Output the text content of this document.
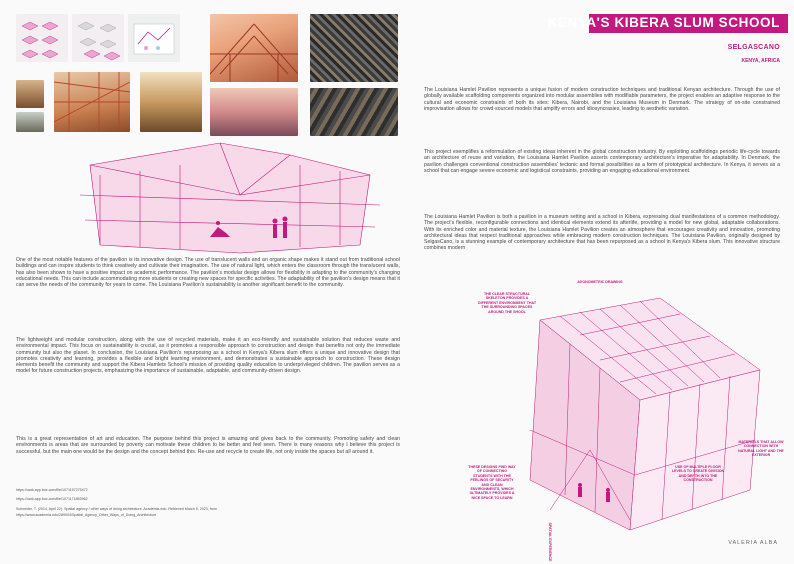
One of the most notable features of the pavilion is its innovative design. The use of translucent walls and an organic shape makes it stand out from traditional school buildings and can inspire students to think creatively and cultivate their imagination. The use of natural light, which enters the classroom through the translucent walls, has also been shown to have a positive impact on academic performance. The pavilion's modular design allows for flexibility in adapting to the community's changing educational needs. This can include accommodating more students or creating new spaces for specific activities. The adaptability of the pavilion's design means that it can serve the needs of the community for years to come. The Louisiana Pavilion's sustainability is another significant benefit to the community.
The lightweight and modular construction, along with the use of recycled materials, make it an eco-friendly and sustainable solution that reduces waste and environmental impact. This focus on sustainability is crucial, as it promotes a responsible approach to construction and design that benefits not only the immediate community but also the planet. In conclusion, the Louisiana Pavilion's repurposing as a school in Kenya's Kibera slum offers a unique and innovative design that promotes creativity and learning, provides a flexible and bright learning environment, and demonstrates a sustainable approach to construction. These design elements benefit the community and support the Kibera Hamlets School's mission of providing quality education to underprivileged children. The pavilion serves as a model for future construction projects, emphasizing the importance of sustainable, adaptable, and community-driven design.
This is a great representation of art and education. The purpose behind this project is amazing and gives back to the community. Promoting safety and clean environments is areas that are surrounded by poverty can motivate these children to be better and feel seen. There is many reasons why I believe this project is successful, but the main one would be the design and the concept behind this. Re-use and recycle to create life, not only inside the spaces but all around it.
https://uark.app.box.com/file/1071157275472
https://uark.app.box.com/file/1071171853962
Schneider, T. (2014, April 22). Spatial agency / other ways of doing architecture. Academia.edu. Retrieved March 5, 2023, from
https://www.academia.edu/289004/Spatial_Agency_Other_Ways_of_Doing_Architecture
KENYA'S KIBERA SLUM SCHOOL
SELGASCANO
KENYA, AFRICA
The Louisiana Hamlet Pavilion represents a unique fusion of modern construction techniques and traditional Kenyan architecture. Through the use of globally available scaffolding components organized into modular assemblies with modifiable parameters, the project enables an adaptive response to the cultural and economic constraints of both its sites: Kibera, Nairobi, and the Louisiana Museum in Denmark. The strategy of on-site constrained improvisation allows for crowd-sourced models that amplify errors and idiosyncrasies, leading to aesthetic variation.
This project exemplifies a reformulation of existing ideas inherent in the global construction industry. By exploiting scaffoldings periodic life-cycle towards an architecture of reuse and variation, the Louisiana Hamlet Pavilion asserts contemporary architecture's imperative for adaptability. In Denmark, the pavilion challenges conventional construction assemblies' tectonic and formal possibilities as a form of prototypical architecture. In Kenya, it serves as a school that can engage severe economic and logistical constraints, providing an engaging educational environment.
The Louisiana Hamlet Pavilion is both a pavilion in a museum setting and a school in Kibera, expressing dual manifestations of a common methodology. The project's flexible, reconfigurable connections and identical elements extend its afterlife, providing a model for new global, adaptable collaborations. With its enriched color and material texture, the Louisiana Hamlet Pavilion creates an atmosphere that encourages creativity and innovation, promoting architectural ideas that respect traditional approaches while embracing modern construction techniques. The Louisiana Pavilion, originally designed by SelgasCano, is a stunning example of contemporary architecture that has been repurposed as a school in Kenya's Kibera slum. This innovative structure combines modern
AXONOMETRIC DRAWING
THE CLEAR STRUCTURAL SKELETON PROVIDES A DIFFERENT ENVIRONMENT THAT THE SURROUNDING SPACES AROUND THE SHOOL
MATERIALS THAT ALLOW CONNECTION WITH NATURAL LIGHT AND THE EXTERIOR
USE OF MULTIPLE FLOOR LEVELS TO CREATE DIVISION AND DEPTH INTO THE CONSTRUCTION
THESE DESIGNS FIND WAY OF CONNECTING STUDENTS WITH THE FEELINGS OF SECURITY AND CLEAN ENVIRONMENTS, WHICH ULTIMATELY PROVIDES A NICE SPACE TO LEARN
SPATIAL EXPERIENCE	VALERIA ALBA
